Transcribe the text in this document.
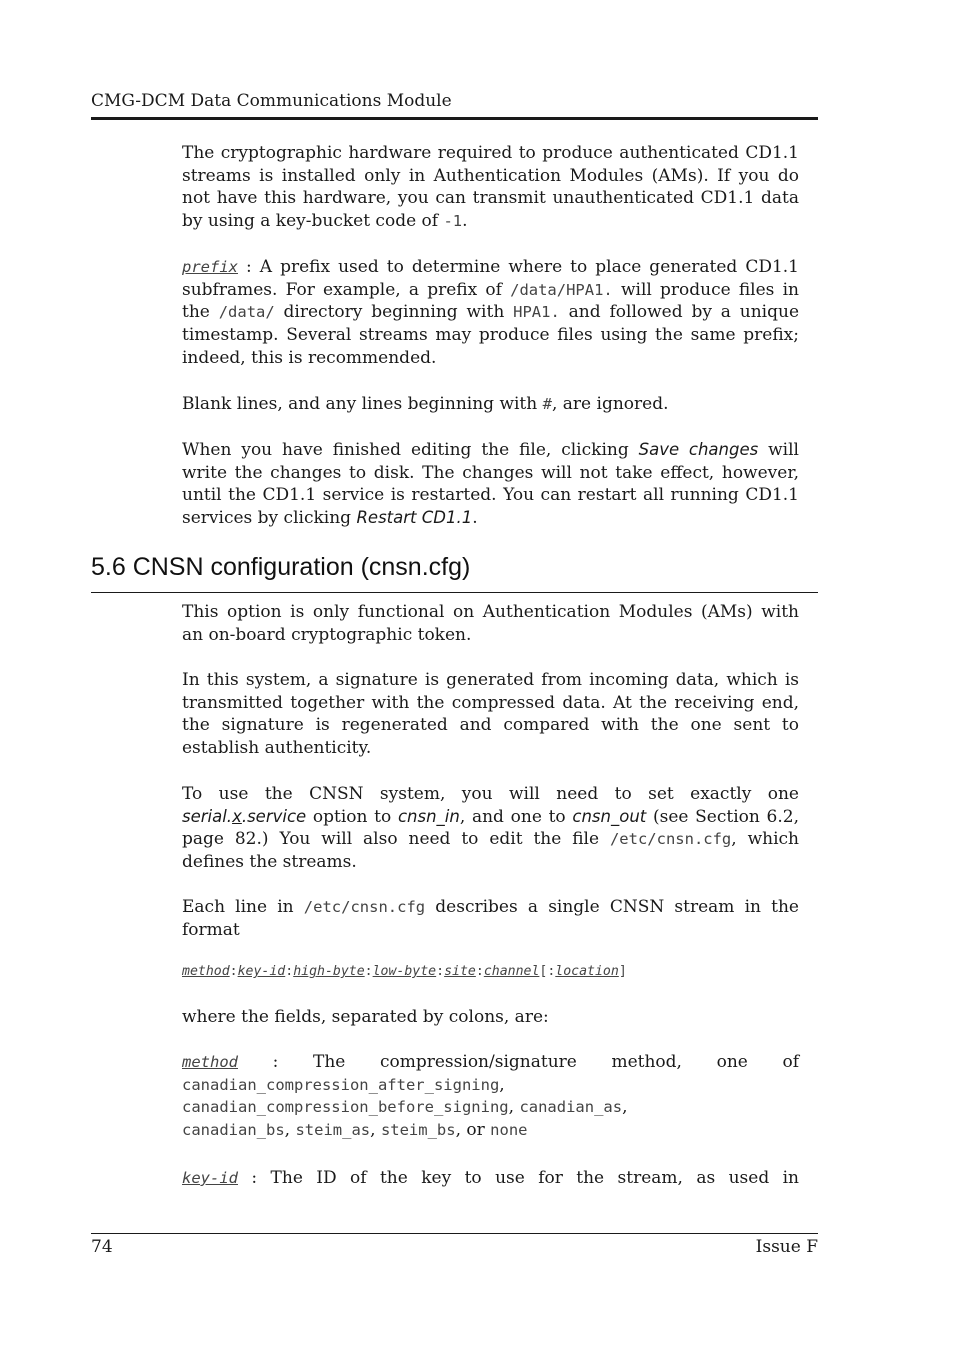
CMG-DCM Data Communications Module
The cryptographic hardware required to produce authenticated CD1.1
streams is installed only in Authentication Modules (AMs). If you do
not have this hardware, you can transmit unauthenticated CD1.1 data
by using a key-bucket code of -1.
prefix : A prefix used to determine where to place generated CD1.1
subframes. For example, a prefix of /data/HPA1. will produce files in
the /data/ directory beginning with HPA1. and followed by a unique
timestamp. Several streams may produce files using the same prefix;
indeed, this is recommended.
Blank lines, and any lines beginning with #, are ignored.
When you have finished editing the file, clicking Save changes will
write the changes to disk. The changes will not take effect, however,
until the CD1.1 service is restarted. You can restart all running CD1.1
services by clicking Restart CD1.1.
5.6 CNSN configuration (cnsn.cfg)
This option is only functional on Authentication Modules (AMs) with
an on-board cryptographic token.
In this system, a signature is generated from incoming data, which is
transmitted together with the compressed data. At the receiving end,
the signature is regenerated and compared with the one sent to
establish authenticity.
To use the CNSN system, you will need to set exactly one
serial.x.service option to cnsn_in, and one to cnsn_out (see Section 6.2,
page 82.) You will also need to edit the file /etc/cnsn.cfg, which
defines the streams.
Each line in /etc/cnsn.cfg describes a single CNSN stream in the
format
method:key-id:high-byte:low-byte:site:channel[:location]
where the fields, separated by colons, are:
method : The compression/signature method, one of
canadian_compression_after_signing,
canadian_compression_before_signing, canadian_as,
canadian_bs, steim_as, steim_bs, or none
key-id : The ID of the key to use for the stream, as used in
74	Issue F
